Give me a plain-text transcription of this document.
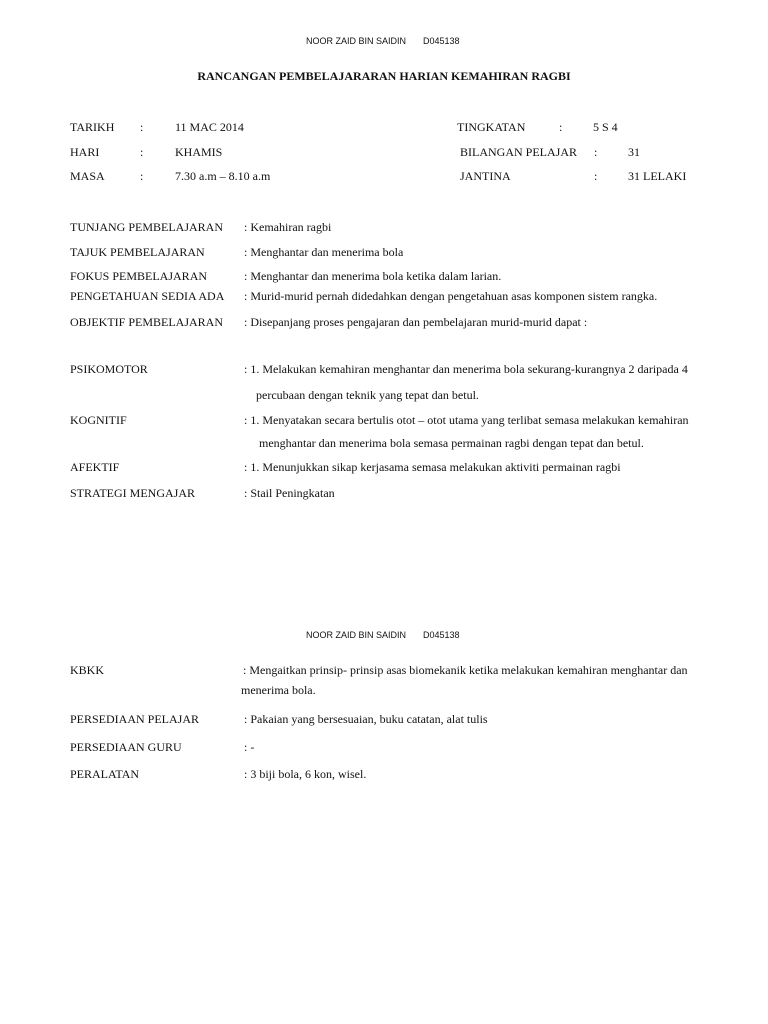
NOOR ZAID BIN SAIDIN D045138
RANCANGAN PEMBELAJARARAN HARIAN KEMAHIRAN RAGBI
TARIKH :	11 MAC 2014	TINGKATAN	:	5 S 4
HARI	:	KHAMIS	BILANGAN PELAJAR :	31
MASA	:	7.30 a.m – 8.10 a.m	JANTINA	:	31 LELAKI
TUNJANG PEMBELAJARAN : Kemahiran ragbi
TAJUK PEMBELAJARAN	: Menghantar dan menerima bola
FOKUS PEMBELAJARAN	: Menghantar dan menerima bola ketika dalam larian.
PENGETAHUAN SEDIA ADA : Murid-murid pernah didedahkan dengan pengetahuan asas komponen sistem rangka.
OBJEKTIF PEMBELAJARAN : Disepanjang proses pengajaran dan pembelajaran murid-murid dapat :
PSIKOMOTOR	: 1. Melakukan kemahiran menghantar dan menerima bola sekurang-kurangnya 2 daripada 4
percubaan dengan teknik yang tepat dan betul.
KOGNITIF	: 1. Menyatakan secara bertulis otot – otot utama yang terlibat semasa melakukan kemahiran
menghantar dan menerima bola semasa permainan ragbi dengan tepat dan betul.
AFEKTIF	: 1. Menunjukkan sikap kerjasama semasa melakukan aktiviti permainan ragbi
STRATEGI MENGAJAR	: Stail Peningkatan
NOOR ZAID BIN SAIDIN D045138
KBKK	: Mengaitkan prinsip- prinsip asas biomekanik ketika melakukan kemahiran menghantar dan
menerima bola.
PERSEDIAAN PELAJAR	: Pakaian yang bersesuaian, buku catatan, alat tulis
PERSEDIAAN GURU	: -
PERALATAN	: 3 biji bola, 6 kon, wisel.
